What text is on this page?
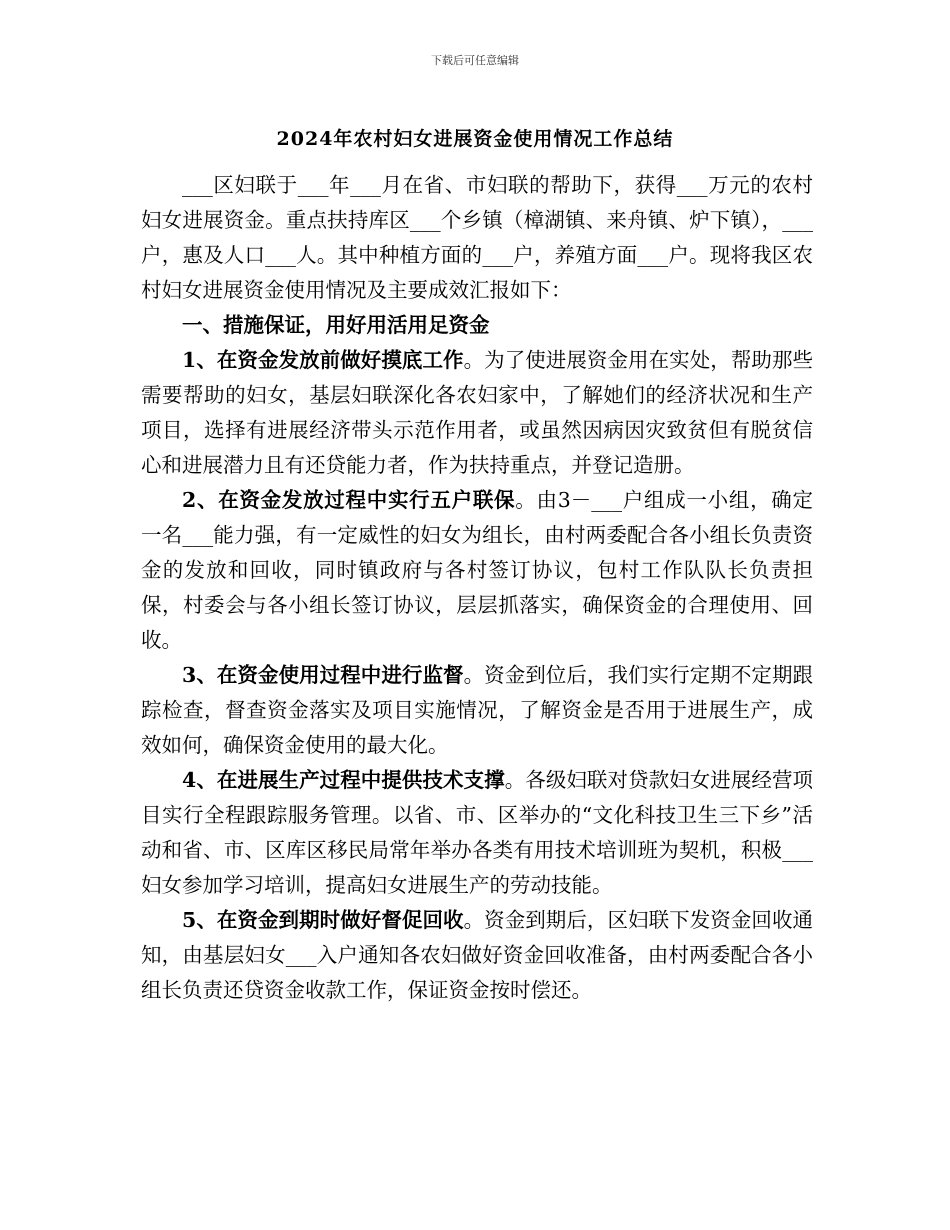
下载后可任意编辑
2024年农村妇女进展资金使用情况工作总结

___区妇联于___年___月在省、市妇联的帮助下，获得___万元的农村妇女进展资金。重点扶持库区___个乡镇（樟湖镇、来舟镇、炉下镇），___户，惠及人口___人。其中种植方面的___户，养殖方面___户。现将我区农村妇女进展资金使用情况及主要成效汇报如下：

一、措施保证，用好用活用足资金

1、在资金发放前做好摸底工作。为了使进展资金用在实处，帮助那些需要帮助的妇女，基层妇联深化各农妇家中，了解她们的经济状况和生产项目，选择有进展经济带头示范作用者，或虽然因病因灾致贫但有脱贫信心和进展潜力且有还贷能力者，作为扶持重点，并登记造册。

2、在资金发放过程中实行五户联保。由3－___户组成一小组，确定一名___能力强，有一定威性的妇女为组长，由村两委配合各小组长负责资金的发放和回收，同时镇政府与各村签订协议，包村工作队队长负责担保，村委会与各小组长签订协议，层层抓落实，确保资金的合理使用、回收。

3、在资金使用过程中进行监督。资金到位后，我们实行定期不定期跟踪检查，督查资金落实及项目实施情况，了解资金是否用于进展生产，成效如何，确保资金使用的最大化。

4、在进展生产过程中提供技术支撑。各级妇联对贷款妇女进展经营项目实行全程跟踪服务管理。以省、市、区举办的“文化科技卫生三下乡”活动和省、市、区库区移民局常年举办各类有用技术培训班为契机，积极___妇女参加学习培训，提高妇女进展生产的劳动技能。

5、在资金到期时做好督促回收。资金到期后，区妇联下发资金回收通知，由基层妇女___入户通知各农妇做好资金回收准备，由村两委配合各小组长负责还贷资金收款工作，保证资金按时偿还。
